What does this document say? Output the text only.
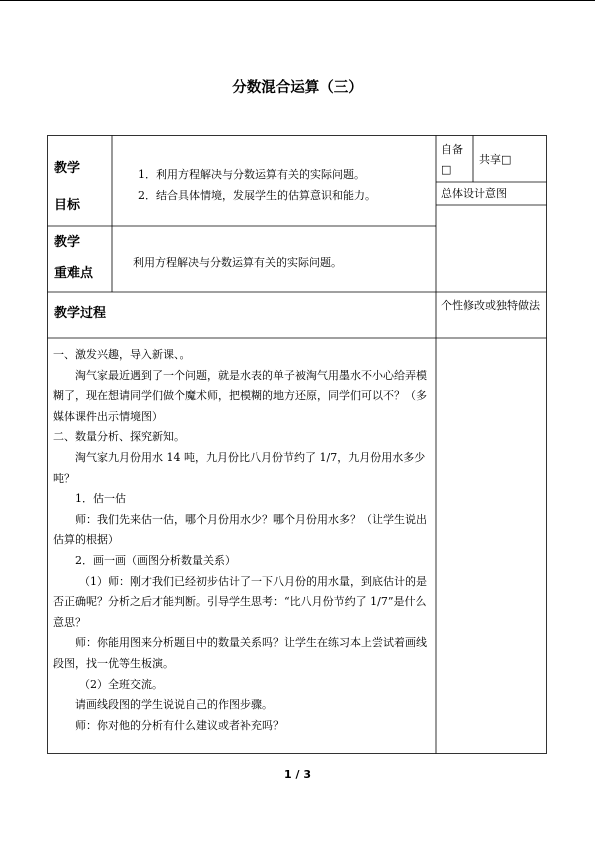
分数混合运算（三）
教学
目标
1．利用方程解决与分数运算有关的实际问题。
2．结合具体情境，发展学生的估算意识和能力。
自备
□
共享□
总体设计意图
教学
重难点
利用方程解决与分数运算有关的实际问题。
教学过程
个性修改或独特做法

一、激发兴趣，导入新课、。

淘气家最近遇到了一个问题，就是水表的单子被淘气用墨水不小心给弄模糊了，现在想请同学们做个魔术师，把模糊的地方还原，同学们可以不？（多媒体课件出示情境图）

二、数量分析、探究新知。

淘气家九月份用水 14 吨，九月份比八月份节约了 1/7，九月份用水多少吨？

1．估一估

师：我们先来估一估，哪个月份用水少？哪个月份用水多？（让学生说出估算的根据）

2．画一画（画图分析数量关系）

（1）师：刚才我们已经初步估计了一下八月份的用水量，到底估计的是否正确呢？分析之后才能判断。引导学生思考：“比八月份节约了 1/7”是什么意思？

师：你能用图来分析题目中的数量关系吗？让学生在练习本上尝试着画线段图，找一优等生板演。

（2）全班交流。

请画线段图的学生说说自己的作图步骤。

师：你对他的分析有什么建议或者补充吗？

1 / 3
